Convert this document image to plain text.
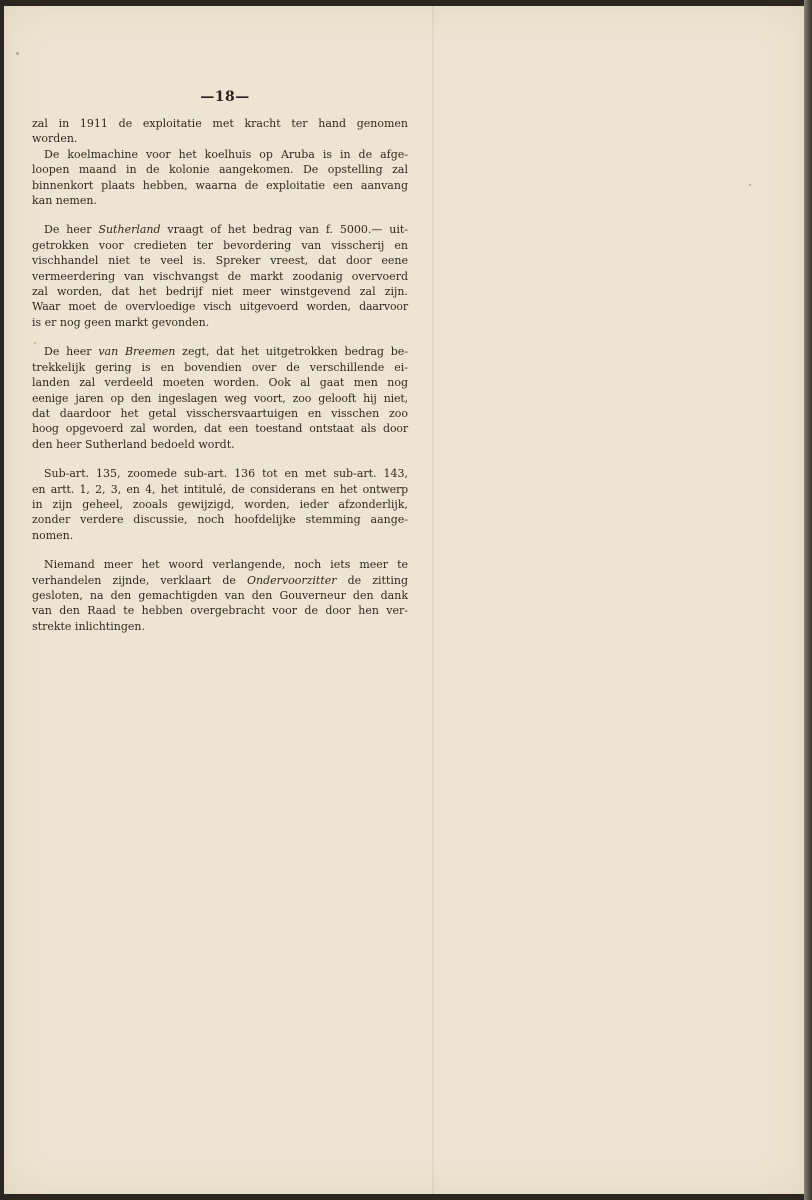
—18—

zal in 1911 de exploitatie met kracht ter hand genomen
worden.
De koelmachine voor het koelhuis op Aruba is in de afge-
loopen maand in de kolonie aangekomen. De opstelling zal
binnenkort plaats hebben, waarna de exploitatie een aanvang
kan nemen.

De heer Sutherland vraagt of het bedrag van f. 5000.— uit-
getrokken voor credieten ter bevordering van visscherij en
vischhandel niet te veel is. Spreker vreest, dat door eene
vermeerdering van vischvangst de markt zoodanig overvoerd
zal worden, dat het bedrijf niet meer winstgevend zal zijn.
Waar moet de overvloedige visch uitgevoerd worden, daarvoor
is er nog geen markt gevonden.

De heer van Breemen zegt, dat het uitgetrokken bedrag be-
trekkelijk gering is en bovendien over de verschillende ei-
landen zal verdeeld moeten worden. Ook al gaat men nog
eenige jaren op den ingeslagen weg voort, zoo gelooft hij niet,
dat daardoor het getal visschersvaartuigen en visschen zoo
hoog opgevoerd zal worden, dat een toestand ontstaat als door
den heer Sutherland bedoeld wordt.

Sub-art. 135, zoomede sub-art. 136 tot en met sub-art. 143,
en artt. 1, 2, 3, en 4, het intitulé, de considerans en het ontwerp
in zijn geheel, zooals gewijzigd, worden, ieder afzonderlijk,
zonder verdere discussie, noch hoofdelijke stemming aange-
nomen.

Niemand meer het woord verlangende, noch iets meer te
verhandelen zijnde, verklaart de Ondervoorzitter de zitting
gesloten, na den gemachtigden van den Gouverneur den dank
van den Raad te hebben overgebracht voor de door hen ver-
strekte inlichtingen.
